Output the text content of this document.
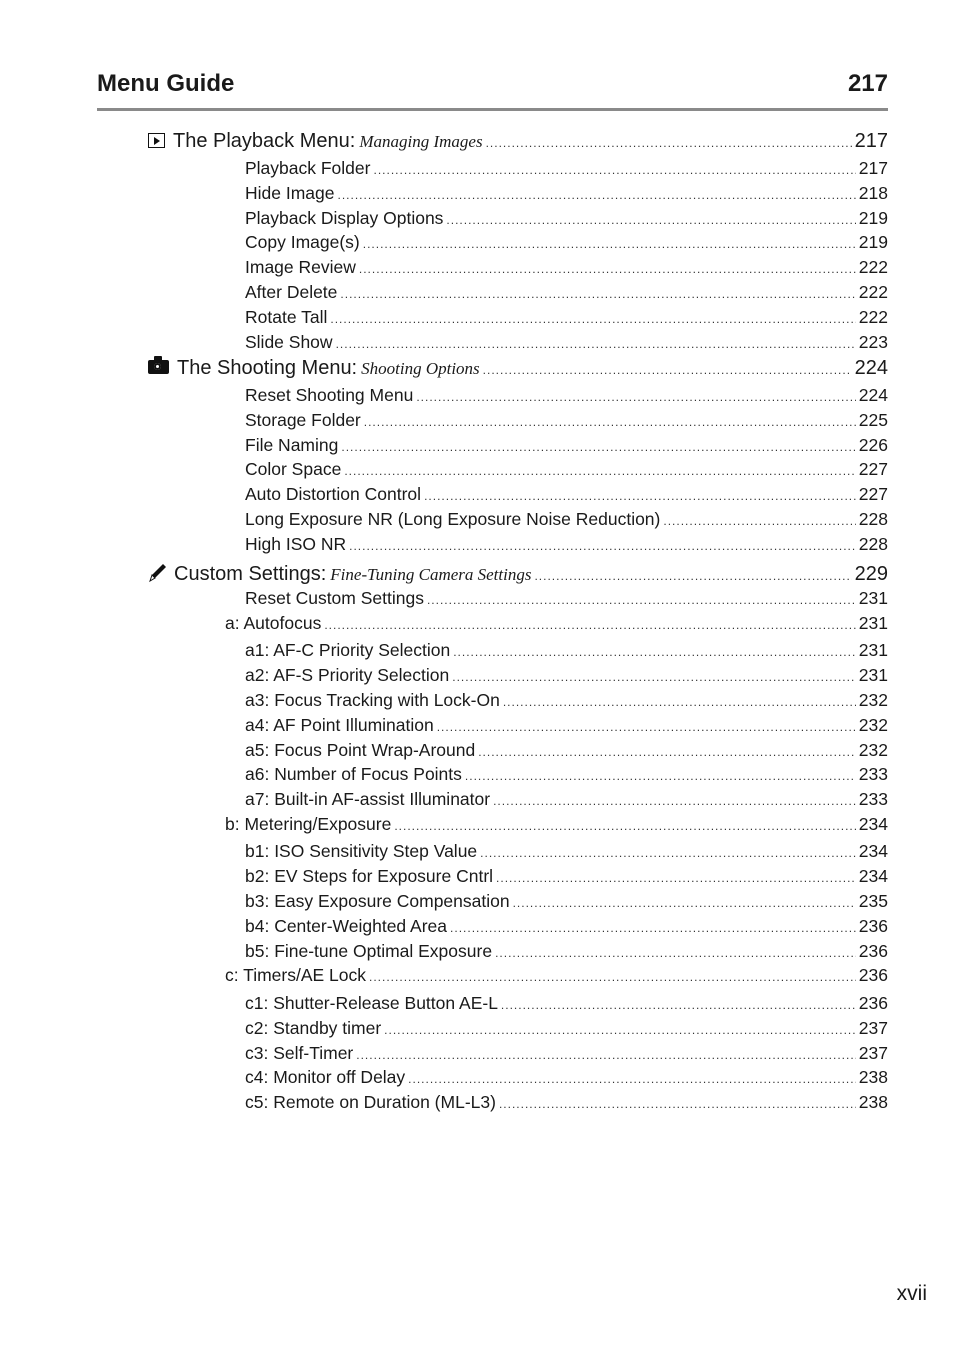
Menu Guide	217
The Playback Menu: Managing Images .....	217
Playback Folder .....	217
Hide Image .....	218
Playback Display Options .....	219
Copy Image(s) .....	219
Image Review .....	222
After Delete .....	222
Rotate Tall .....	222
Slide Show .....	223
The Shooting Menu: Shooting Options .....	224
Reset Shooting Menu .....	224
Storage Folder .....	225
File Naming .....	226
Color Space .....	227
Auto Distortion Control .....	227
Long Exposure NR (Long Exposure Noise Reduction) .....	228
High ISO NR .....	228
Custom Settings: Fine-Tuning Camera Settings .....	229
Reset Custom Settings .....	231
a: Autofocus .....	231
a1: AF-C Priority Selection .....	231
a2: AF-S Priority Selection .....	231
a3: Focus Tracking with Lock-On .....	232
a4: AF Point Illumination .....	232
a5: Focus Point Wrap-Around .....	232
a6: Number of Focus Points .....	233
a7: Built-in AF-assist Illuminator .....	233
b: Metering/Exposure .....	234
b1: ISO Sensitivity Step Value .....	234
b2: EV Steps for Exposure Cntrl .....	234
b3: Easy Exposure Compensation .....	235
b4: Center-Weighted Area .....	236
b5: Fine-tune Optimal Exposure .....	236
c: Timers/AE Lock .....	236
c1: Shutter-Release Button AE-L .....	236
c2: Standby timer .....	237
c3: Self-Timer .....	237
c4: Monitor off Delay .....	238
c5: Remote on Duration (ML-L3) .....	238
xvii
